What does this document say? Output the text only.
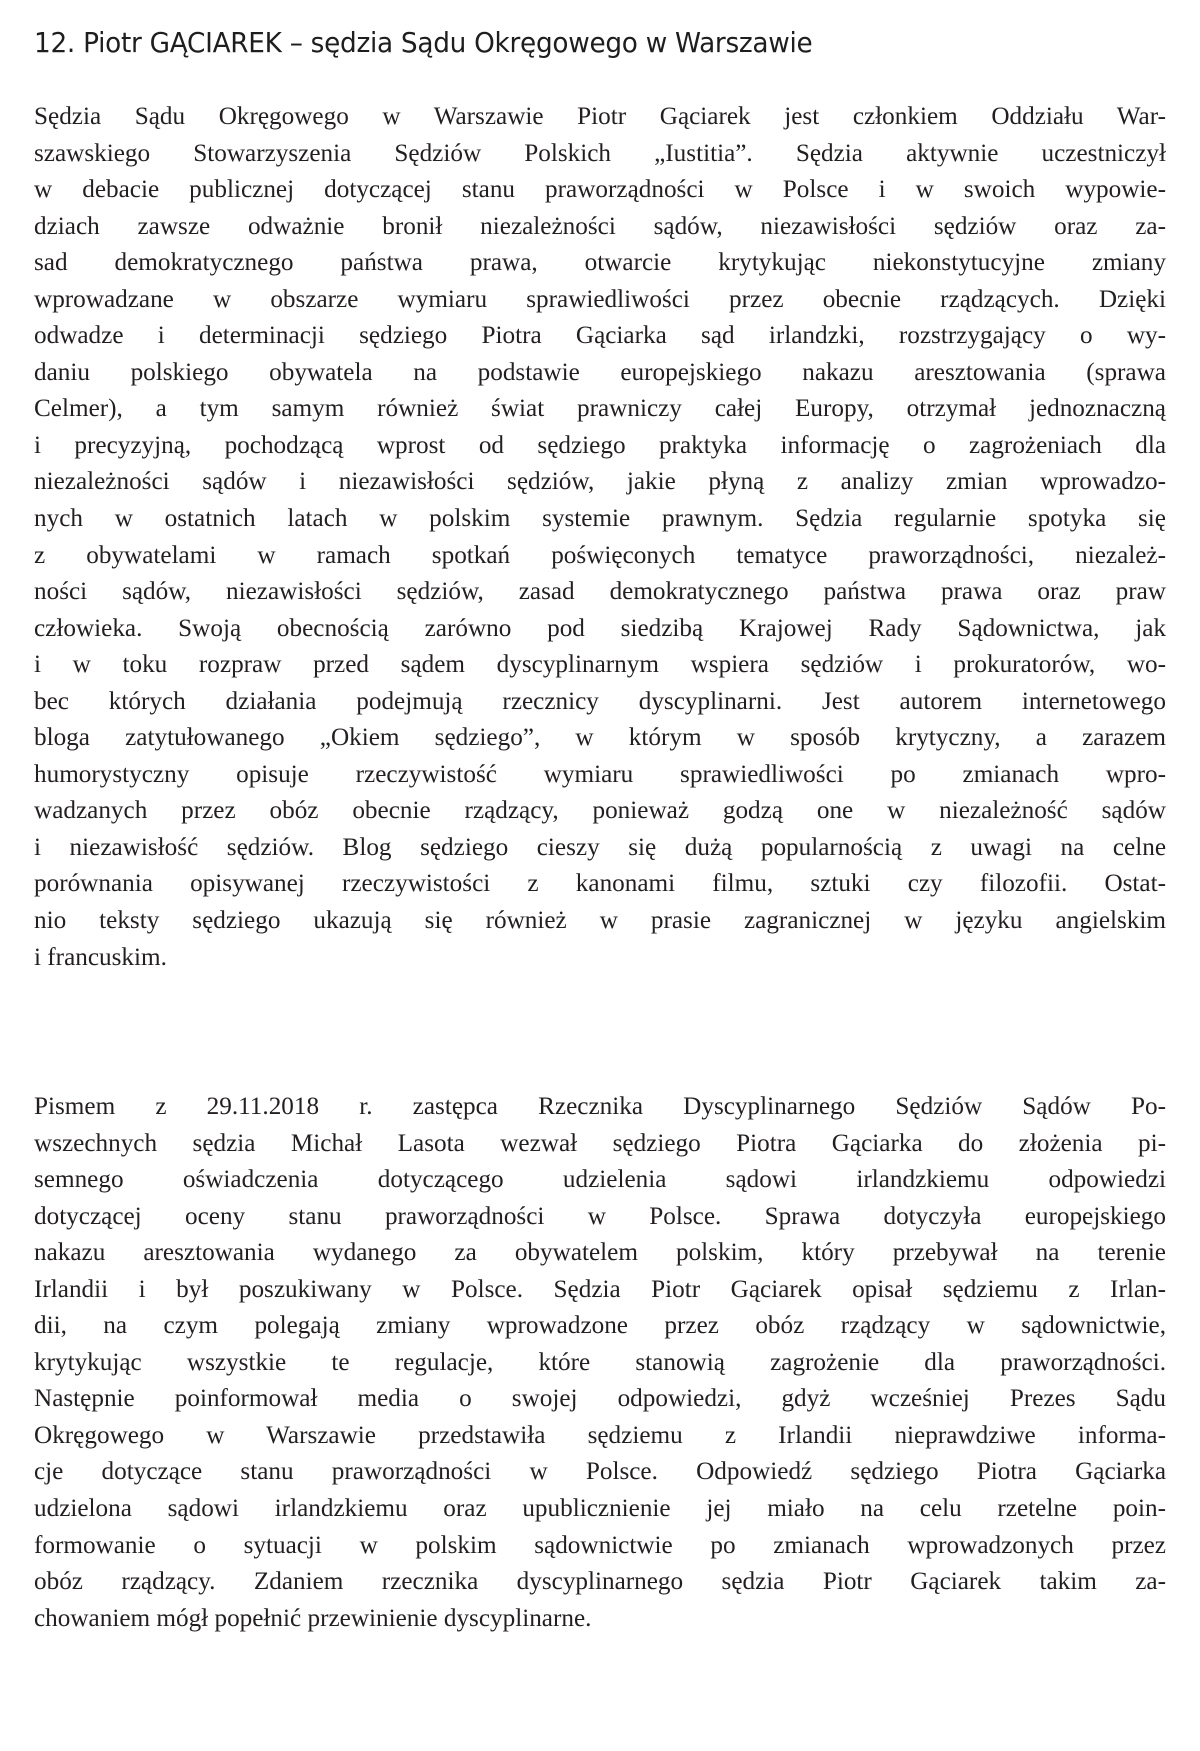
12. Piotr GĄCIAREK – sędzia Sądu Okręgowego w Warszawie

Sędzia Sądu Okręgowego w Warszawie Piotr Gąciarek jest członkiem Oddziału War-
szawskiego Stowarzyszenia Sędziów Polskich „Iustitia”. Sędzia aktywnie uczestniczył
w debacie publicznej dotyczącej stanu praworządności w Polsce i w swoich wypowie-
dziach zawsze odważnie bronił niezależności sądów, niezawisłości sędziów oraz za-
sad demokratycznego państwa prawa, otwarcie krytykując niekonstytucyjne zmiany
wprowadzane w obszarze wymiaru sprawiedliwości przez obecnie rządzących. Dzięki
odwadze i determinacji sędziego Piotra Gąciarka sąd irlandzki, rozstrzygający o wy-
daniu polskiego obywatela na podstawie europejskiego nakazu aresztowania (sprawa
Celmer), a tym samym również świat prawniczy całej Europy, otrzymał jednoznaczną
i precyzyjną, pochodzącą wprost od sędziego praktyka informację o zagrożeniach dla
niezależności sądów i niezawisłości sędziów, jakie płyną z analizy zmian wprowadzo-
nych w ostatnich latach w polskim systemie prawnym. Sędzia regularnie spotyka się
z obywatelami w ramach spotkań poświęconych tematyce praworządności, niezależ-
ności sądów, niezawisłości sędziów, zasad demokratycznego państwa prawa oraz praw
człowieka. Swoją obecnością zarówno pod siedzibą Krajowej Rady Sądownictwa, jak
i w toku rozpraw przed sądem dyscyplinarnym wspiera sędziów i prokuratorów, wo-
bec których działania podejmują rzecznicy dyscyplinarni. Jest autorem internetowego
bloga zatytułowanego „Okiem sędziego”, w którym w sposób krytyczny, a zarazem
humorystyczny opisuje rzeczywistość wymiaru sprawiedliwości po zmianach wpro-
wadzanych przez obóz obecnie rządzący, ponieważ godzą one w niezależność sądów
i niezawisłość sędziów. Blog sędziego cieszy się dużą popularnością z uwagi na celne
porównania opisywanej rzeczywistości z kanonami filmu, sztuki czy filozofii. Ostat-
nio teksty sędziego ukazują się również w prasie zagranicznej w języku angielskim
i francuskim.

Pismem z 29.11.2018 r. zastępca Rzecznika Dyscyplinarnego Sędziów Sądów Po-
wszechnych sędzia Michał Lasota wezwał sędziego Piotra Gąciarka do złożenia pi-
semnego oświadczenia dotyczącego udzielenia sądowi irlandzkiemu odpowiedzi
dotyczącej oceny stanu praworządności w Polsce. Sprawa dotyczyła europejskiego
nakazu aresztowania wydanego za obywatelem polskim, który przebywał na terenie
Irlandii i był poszukiwany w Polsce. Sędzia Piotr Gąciarek opisał sędziemu z Irlan-
dii, na czym polegają zmiany wprowadzone przez obóz rządzący w sądownictwie,
krytykując wszystkie te regulacje, które stanowią zagrożenie dla praworządności.
Następnie poinformował media o swojej odpowiedzi, gdyż wcześniej Prezes Sądu
Okręgowego w Warszawie przedstawiła sędziemu z Irlandii nieprawdziwe informa-
cje dotyczące stanu praworządności w Polsce. Odpowiedź sędziego Piotra Gąciarka
udzielona sądowi irlandzkiemu oraz upublicznienie jej miało na celu rzetelne poin-
formowanie o sytuacji w polskim sądownictwie po zmianach wprowadzonych przez
obóz rządzący. Zdaniem rzecznika dyscyplinarnego sędzia Piotr Gąciarek takim za-
chowaniem mógł popełnić przewinienie dyscyplinarne.
